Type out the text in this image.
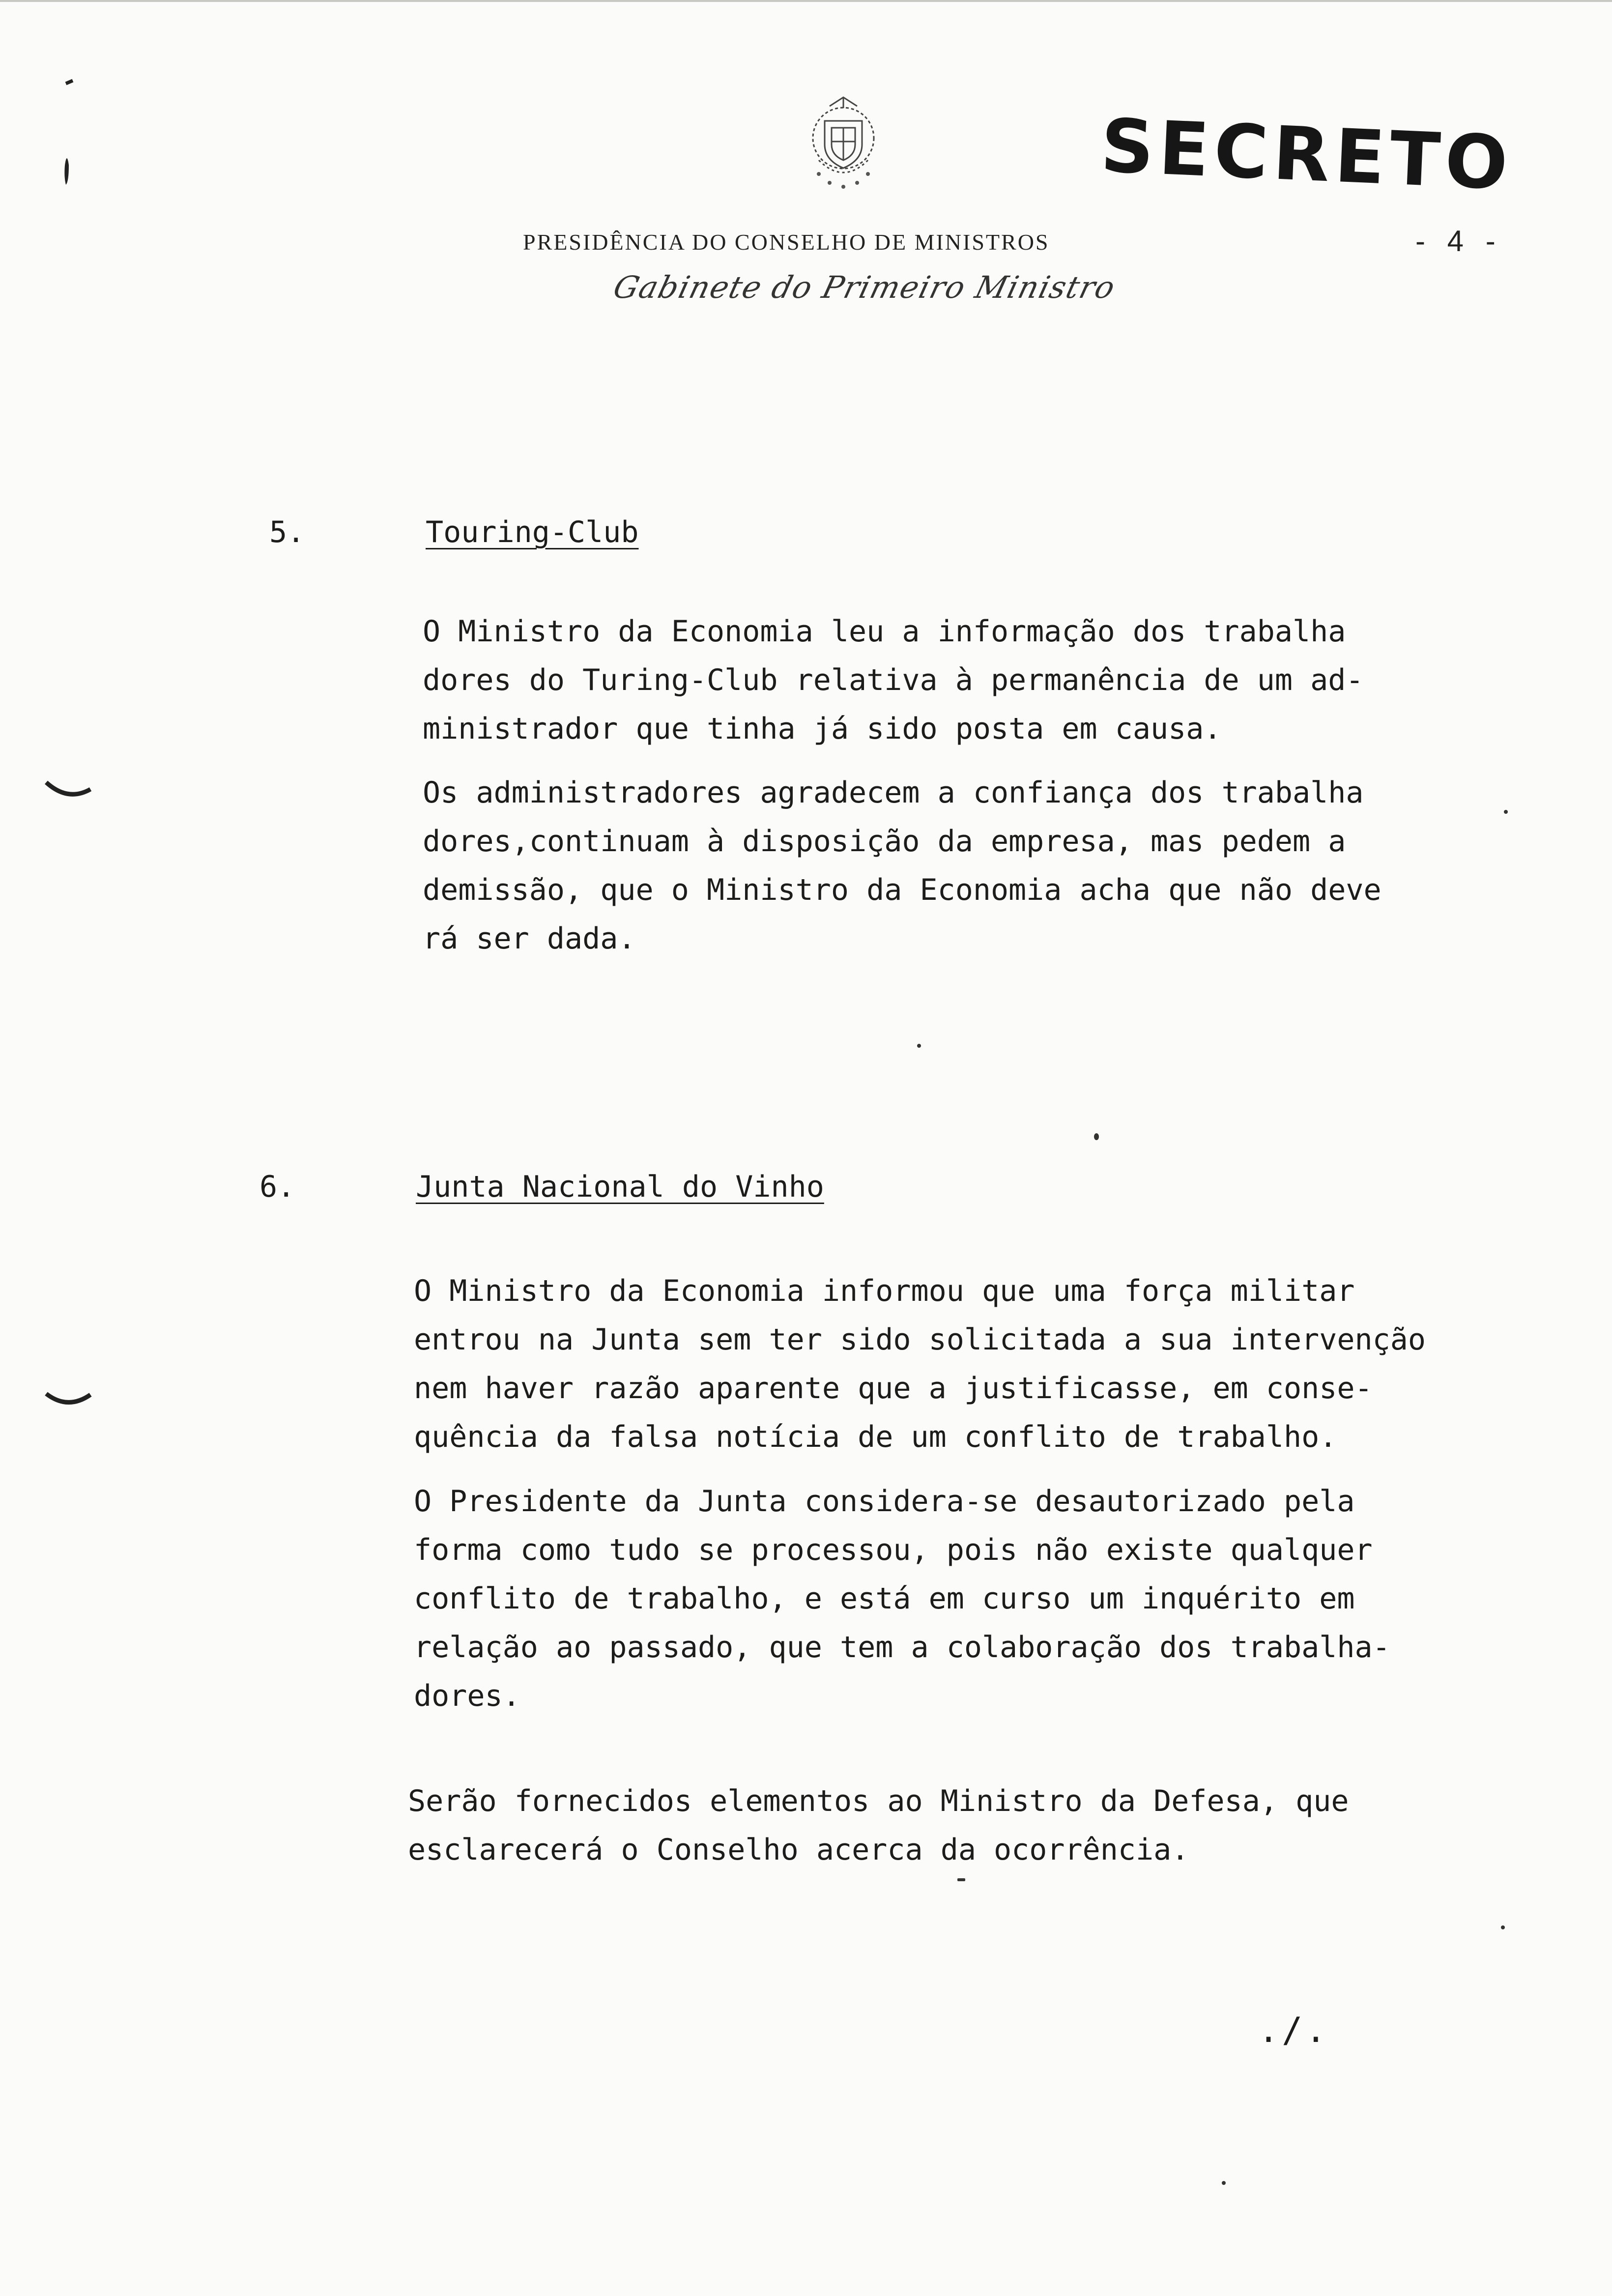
SECRETO
PRESIDÊNCIA DO CONSELHO DE MINISTROS	- 4 -
Gabinete do Primeiro Ministro
5.	Touring-Club

O Ministro da Economia leu a informação dos trabalha
dores do Turing-Club relativa à permanência de um ad-
ministrador que tinha já sido posta em causa.

Os administradores agradecem a confiança dos trabalha
dores,continuam à disposição da empresa, mas pedem a
demissão, que o Ministro da Economia acha que não deve
rá ser dada.

6.	Junta Nacional do Vinho

O Ministro da Economia informou que uma força militar
entrou na Junta sem ter sido solicitada a sua intervenção
nem haver razão aparente que a justificasse, em conse-
quência da falsa notícia de um conflito de trabalho.

O Presidente da Junta considera-se desautorizado pela
forma como tudo se processou, pois não existe qualquer
conflito de trabalho, e está em curso um inquérito em
relação ao passado, que tem a colaboração dos trabalha-
dores.

Serão fornecidos elementos ao Ministro da Defesa, que
esclarecerá o Conselho acerca da ocorrência.

./.
